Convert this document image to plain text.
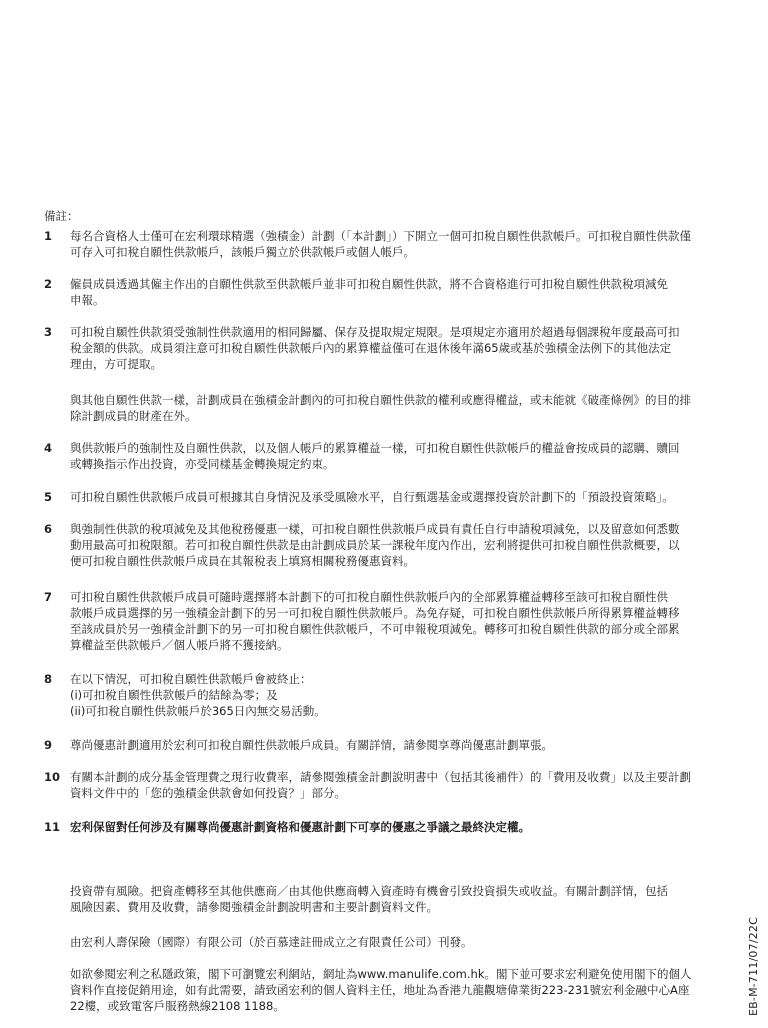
備註：
1	每名合資格人士僅可在宏利環球精選（強積金）計劃（「本計劃」）下開立一個可扣稅自願性供款帳戶。可扣稅自願性供款僅
可存入可扣稅自願性供款帳戶，該帳戶獨立於供款帳戶或個人帳戶。
2	僱員成員透過其僱主作出的自願性供款至供款帳戶並非可扣稅自願性供款，將不合資格進行可扣稅自願性供款稅項減免
申報。
3	可扣稅自願性供款須受強制性供款適用的相同歸屬、保存及提取規定規限。是項規定亦適用於超過每個課稅年度最高可扣
稅金額的供款。成員須注意可扣稅自願性供款帳戶內的累算權益僅可在退休後年滿65歲或基於強積金法例下的其他法定
理由，方可提取。
與其他自願性供款一樣，計劃成員在強積金計劃內的可扣稅自願性供款的權利或應得權益，或未能就《破產條例》的目的排
除計劃成員的財產在外。
4	與供款帳戶的強制性及自願性供款，以及個人帳戶的累算權益一樣，可扣稅自願性供款帳戶的權益會按成員的認購、贖回
或轉換指示作出投資，亦受同樣基金轉換規定約束。
5	可扣稅自願性供款帳戶成員可根據其自身情況及承受風險水平，自行甄選基金或選擇投資於計劃下的「預設投資策略」。
6	與強制性供款的稅項減免及其他稅務優惠一樣，可扣稅自願性供款帳戶成員有責任自行申請稅項減免，以及留意如何悉數
動用最高可扣稅限額。若可扣稅自願性供款是由計劃成員於某一課稅年度內作出，宏利將提供可扣稅自願性供款概要，以
便可扣稅自願性供款帳戶成員在其報稅表上填寫相關稅務優惠資料。
7	可扣稅自願性供款帳戶成員可隨時選擇將本計劃下的可扣稅自願性供款帳戶內的全部累算權益轉移至該可扣稅自願性供
款帳戶成員選擇的另一強積金計劃下的另一可扣稅自願性供款帳戶。為免存疑，可扣稅自願性供款帳戶所得累算權益轉移
至該成員於另一強積金計劃下的另一可扣稅自願性供款帳戶，不可申報稅項減免。轉移可扣稅自願性供款的部分或全部累
算權益至供款帳戶／個人帳戶將不獲接納。
8	在以下情況，可扣稅自願性供款帳戶會被終止：
(i)可扣稅自願性供款帳戶的結餘為零；及
(ii)可扣稅自願性供款帳戶於365日內無交易活動。
9	尊尚優惠計劃適用於宏利可扣稅自願性供款帳戶成員。有關詳情，請參閱享尊尚優惠計劃單張。
10 有關本計劃的成分基金管理費之現行收費率，請參閱強積金計劃說明書中（包括其後補件）的「費用及收費」以及主要計劃
資料文件中的「您的強積金供款會如何投資？」部分。
11 宏利保留對任何涉及有關尊尚優惠計劃資格和優惠計劃下可享的優惠之爭議之最終決定權。
投資帶有風險。把資產轉移至其他供應商／由其他供應商轉入資產時有機會引致投資損失或收益。有關計劃詳情，包括
風險因素、費用及收費，請參閱強積金計劃說明書和主要計劃資料文件。
由宏利人壽保險（國際）有限公司（於百慕達註冊成立之有限責任公司）刊發。
如欲參閱宏利之私隱政策，閣下可瀏覽宏利網站，網址為www.manulife.com.hk。閣下並可要求宏利避免使用閣下的個人
資料作直接促銷用途，如有此需要，請致函宏利的個人資料主任，地址為香港九龍觀塘偉業街223-231號宏利金融中心A座
22樓，或致電客戶服務熱線2108 1188。	EB-M-711/07/22C
